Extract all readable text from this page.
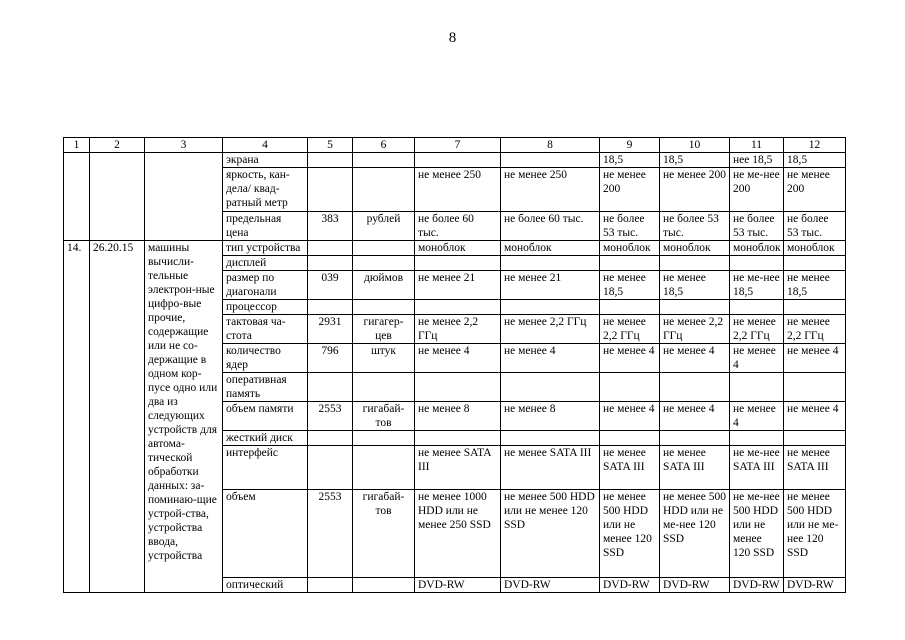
8
1	2	3	4	5	6	7	8	9	10	11	12
			экрана					18,5	18,5	нее 18,5	18,5
			яркость, кан-дела/ квад-ратный метр			не менее 250	не менее 250	не менее 200	не менее 200	не ме-нее 200	не менее 200
			предельная цена	383	рублей	не более 60 тыс.	не более 60 тыс.	не более 53 тыс.	не более 53 тыс.	не более 53 тыс.	не более 53 тыс.
14.	26.20.15	машины вычисли-тельные электрон-ные цифро-вые прочие, содержащие или не со-держащие в одном кор-пусе одно или два из следующих устройств для автома-тической обработки данных: за-поминаю-щие устрой-ства, устройства ввода, устройства	тип устройства			моноблок	моноблок	моноблок	моноблок	моноблок	моноблок
			дисплей								
			размер по диагонали	039	дюймов	не менее 21	не менее 21	не менее 18,5	не менее 18,5	не ме-нее 18,5	не менее 18,5
			процессор								
			тактовая ча-стота	2931	гигагер-цев	не менее 2,2 ГГц	не менее 2,2 ГГц	не менее 2,2 ГГц	не менее 2,2 ГГц	не менее 2,2 ГГц	не менее 2,2 ГГц
			количество ядер	796	штук	не менее 4	не менее 4	не менее 4	не менее 4	не менее 4	не менее 4
			оперативная память								
			объем памяти	2553	гигабай-тов	не менее 8	не менее 8	не менее 4	не менее 4	не менее 4	не менее 4
			жесткий диск								
			интерфейс			не менее SATA III	не менее SATA III	не менее SATA III	не менее SATA III	не ме-нее SATA III	не менее SATA III
			объем	2553	гигабай-тов	не менее 1000 HDD или не менее 250 SSD	не менее 500 HDD или не менее 120 SSD	не менее 500 HDD или не менее 120 SSD	не менее 500 HDD или не ме-нее 120 SSD	не ме-нее 500 HDD или не менее 120 SSD	не менее 500 HDD или не ме-нее 120 SSD
			оптический			DVD-RW	DVD-RW	DVD-RW	DVD-RW	DVD-RW	DVD-RW
